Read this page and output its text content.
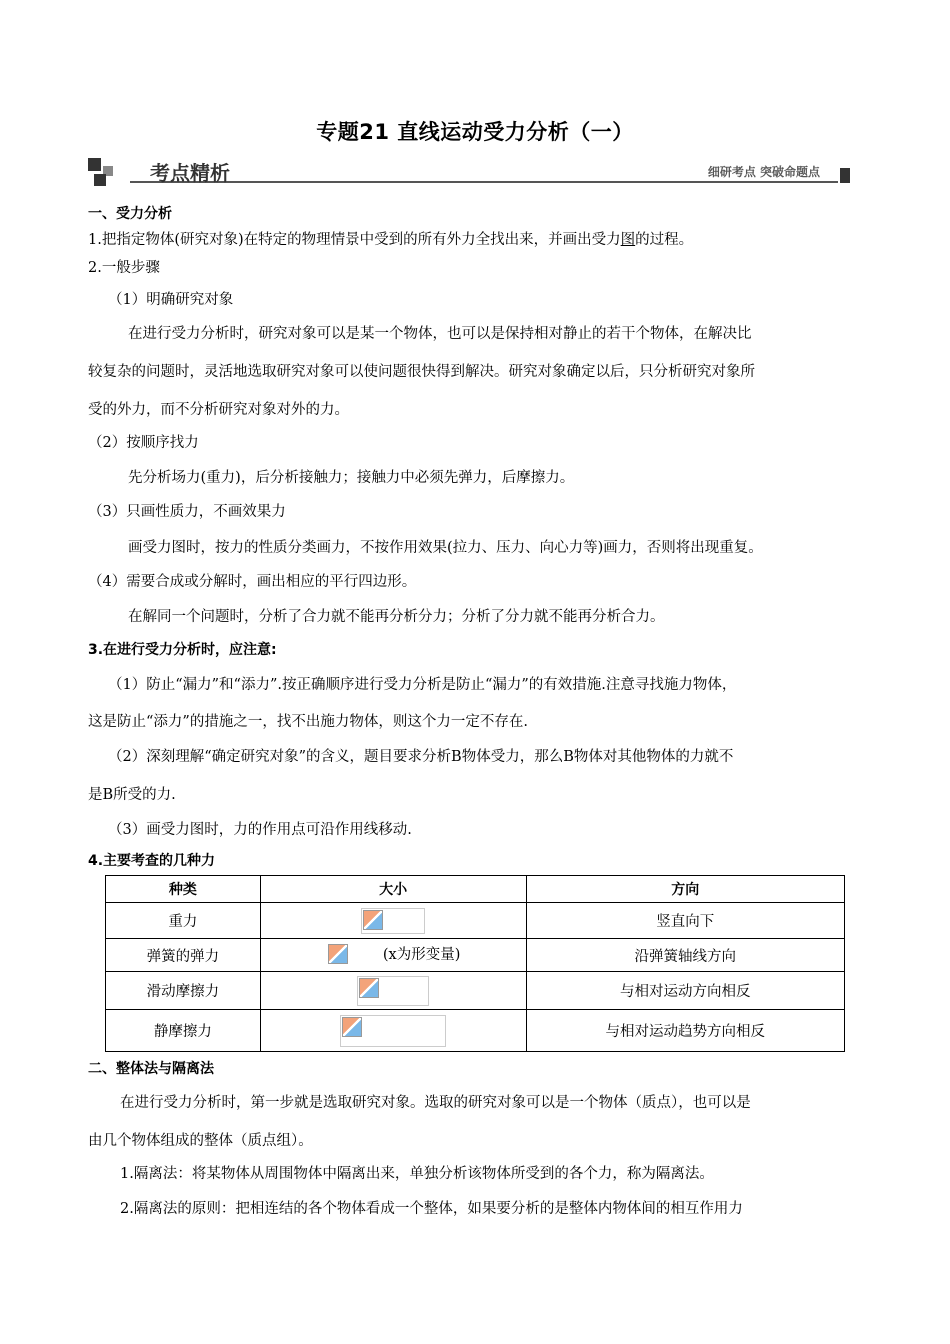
专题21 直线运动受力分析（一）
考点精析	细研考点 突破命题点
一、受力分析
1.把指定物体(研究对象)在特定的物理情景中受到的所有外力全找出来，并画出受力图的过程。
2.一般步骤
（1）明确研究对象
在进行受力分析时，研究对象可以是某一个物体，也可以是保持相对静止的若干个物体，在解决比
较复杂的问题时，灵活地选取研究对象可以使问题很快得到解决。研究对象确定以后，只分析研究对象所
受的外力，而不分析研究对象对外的力。
（2）按顺序找力
先分析场力(重力)，后分析接触力；接触力中必须先弹力，后摩擦力。
（3）只画性质力，不画效果力
画受力图时，按力的性质分类画力，不按作用效果(拉力、压力、向心力等)画力，否则将出现重复。
（4）需要合成或分解时，画出相应的平行四边形。
在解同一个问题时，分析了合力就不能再分析分力；分析了分力就不能再分析合力。
3.在进行受力分析时，应注意:
（1）防止“漏力”和“添力”.按正确顺序进行受力分析是防止“漏力”的有效措施.注意寻找施力物体，
这是防止“添力”的措施之一，找不出施力物体，则这个力一定不存在.
（2）深刻理解“确定研究对象”的含义，题目要求分析B物体受力，那么B物体对其他物体的力就不
是B所受的力.
（3）画受力图时，力的作用点可沿作用线移动.
4.主要考查的几种力
种类	大小	方向
重力		竖直向下
弹簧的弹力	(x为形变量)	沿弹簧轴线方向
滑动摩擦力		与相对运动方向相反
静摩擦力		与相对运动趋势方向相反
二、整体法与隔离法
在进行受力分析时，第一步就是选取研究对象。选取的研究对象可以是一个物体（质点），也可以是
由几个物体组成的整体（质点组）。
1.隔离法：将某物体从周围物体中隔离出来，单独分析该物体所受到的各个力，称为隔离法。
2.隔离法的原则：把相连结的各个物体看成一个整体，如果要分析的是整体内物体间的相互作用力
